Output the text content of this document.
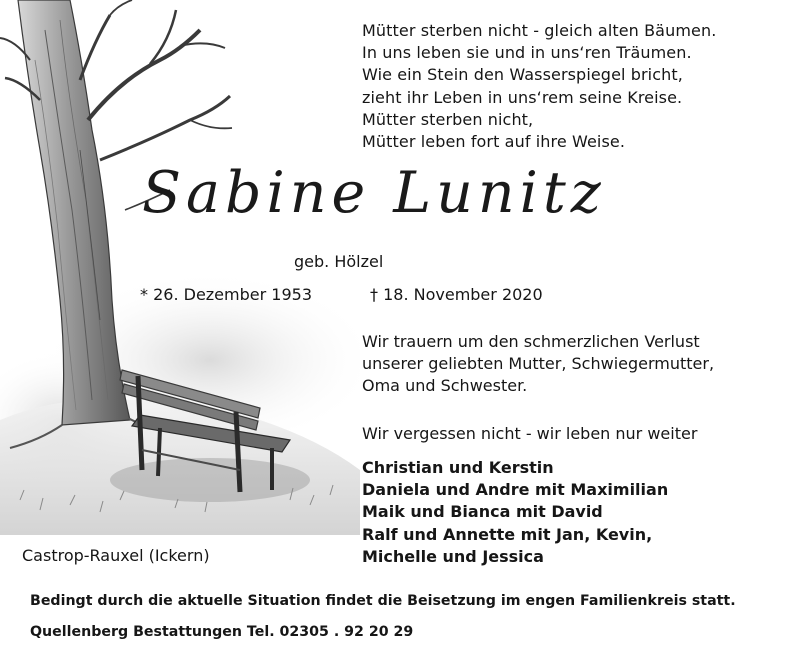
Mütter sterben nicht - gleich alten Bäumen.
In uns leben sie und in uns‘ren Träumen.
Wie ein Stein den Wasserspiegel bricht,
zieht ihr Leben in uns‘rem seine Kreise.
Mütter sterben nicht,
Mütter leben fort auf ihre Weise.
Sabine Lunitz
geb. Hölzel
* 26. Dezember 1953	† 18. November 2020
Wir trauern um den schmerzlichen Verlust
unserer geliebten Mutter, Schwiegermutter,
Oma und Schwester.
Wir vergessen nicht - wir leben nur weiter
Christian und Kerstin
Daniela und Andre mit Maximilian
Maik und Bianca mit David
Ralf und Annette mit Jan, Kevin,
Michelle und Jessica
Castrop-Rauxel (Ickern)
Bedingt durch die aktuelle Situation findet die Beisetzung im engen Familienkreis statt.
Quellenberg Bestattungen Tel. 02305 . 92 20 29
